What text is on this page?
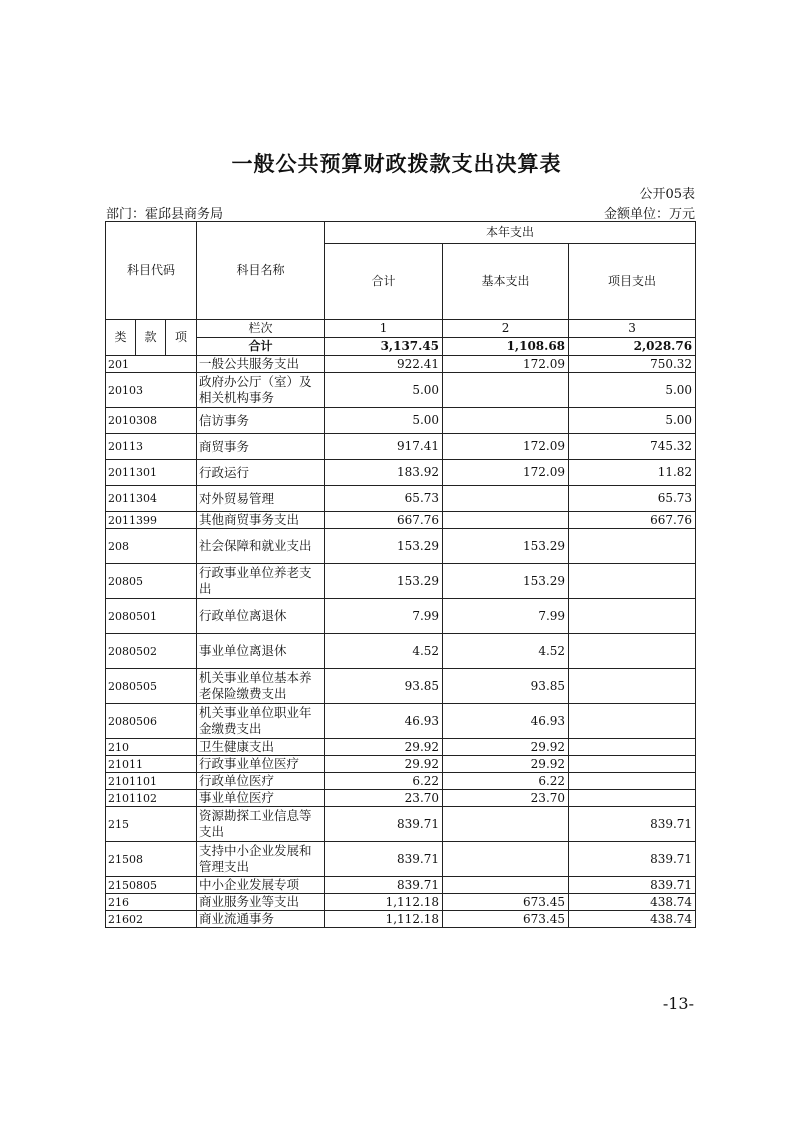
一般公共预算财政拨款支出决算表
公开05表
部门：霍邱县商务局	金额单位：万元
科目代码			科目名称	本年支出		
				合计	基本支出	项目支出
类	款	项	栏次	1	2	3
			合计	3,137.45	1,108.68	2,028.76
201			一般公共服务支出	922.41	172.09	750.32
20103			政府办公厅（室）及相关机构事务	5.00		5.00
2010308			信访事务	5.00		5.00
20113			商贸事务	917.41	172.09	745.32
2011301			行政运行	183.92	172.09	11.82
2011304			对外贸易管理	65.73		65.73
2011399			其他商贸事务支出	667.76		667.76
208			社会保障和就业支出	153.29	153.29	
20805			行政事业单位养老支出	153.29	153.29	
2080501			行政单位离退休	7.99	7.99	
2080502			事业单位离退休	4.52	4.52	
2080505			机关事业单位基本养老保险缴费支出	93.85	93.85	
2080506			机关事业单位职业年金缴费支出	46.93	46.93	
210			卫生健康支出	29.92	29.92	
21011			行政事业单位医疗	29.92	29.92	
2101101			行政单位医疗	6.22	6.22	
2101102			事业单位医疗	23.70	23.70	
215			资源勘探工业信息等支出	839.71		839.71
21508			支持中小企业发展和管理支出	839.71		839.71
2150805			中小企业发展专项	839.71		839.71
216			商业服务业等支出	1,112.18	673.45	438.74
21602			商业流通事务	1,112.18	673.45	438.74
-13-
